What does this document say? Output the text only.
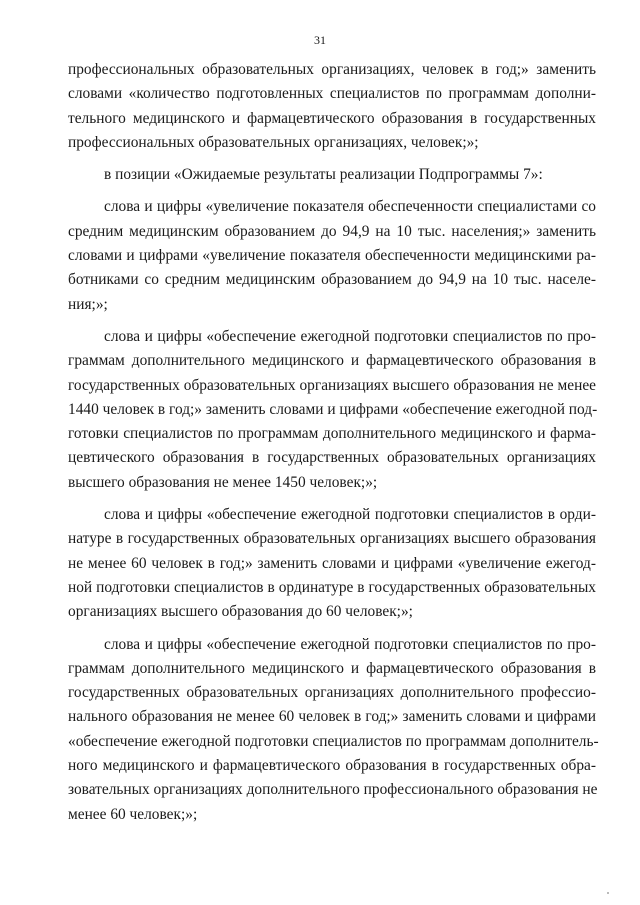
31
профессиональных образовательных организациях, человек в год;» заменить
словами «количество подготовленных специалистов по программам дополни-
тельного медицинского и фармацевтического образования в государственных
профессиональных образовательных организациях, человек;»;
в позиции «Ожидаемые результаты реализации Подпрограммы 7»:
слова и цифры «увеличение показателя обеспеченности специалистами со
средним медицинским образованием до 94,9 на 10 тыс. населения;» заменить
словами и цифрами «увеличение показателя обеспеченности медицинскими ра-
ботниками со средним медицинским образованием до 94,9 на 10 тыс. населе-
ния;»;
слова и цифры «обеспечение ежегодной подготовки специалистов по про-
граммам дополнительного медицинского и фармацевтического образования в
государственных образовательных организациях высшего образования не менее
1440 человек в год;» заменить словами и цифрами «обеспечение ежегодной под-
готовки специалистов по программам дополнительного медицинского и фарма-
цевтического образования в государственных образовательных организациях
высшего образования не менее 1450 человек;»;
слова и цифры «обеспечение ежегодной подготовки специалистов в орди-
натуре в государственных образовательных организациях высшего образования
не менее 60 человек в год;» заменить словами и цифрами «увеличение ежегод-
ной подготовки специалистов в ординатуре в государственных образовательных
организациях высшего образования до 60 человек;»;
слова и цифры «обеспечение ежегодной подготовки специалистов по про-
граммам дополнительного медицинского и фармацевтического образования в
государственных образовательных организациях дополнительного профессио-
нального образования не менее 60 человек в год;» заменить словами и цифрами
«обеспечение ежегодной подготовки специалистов по программам дополнитель-
ного медицинского и фармацевтического образования в государственных обра-
зовательных организациях дополнительного профессионального образования не
менее 60 человек;»;
